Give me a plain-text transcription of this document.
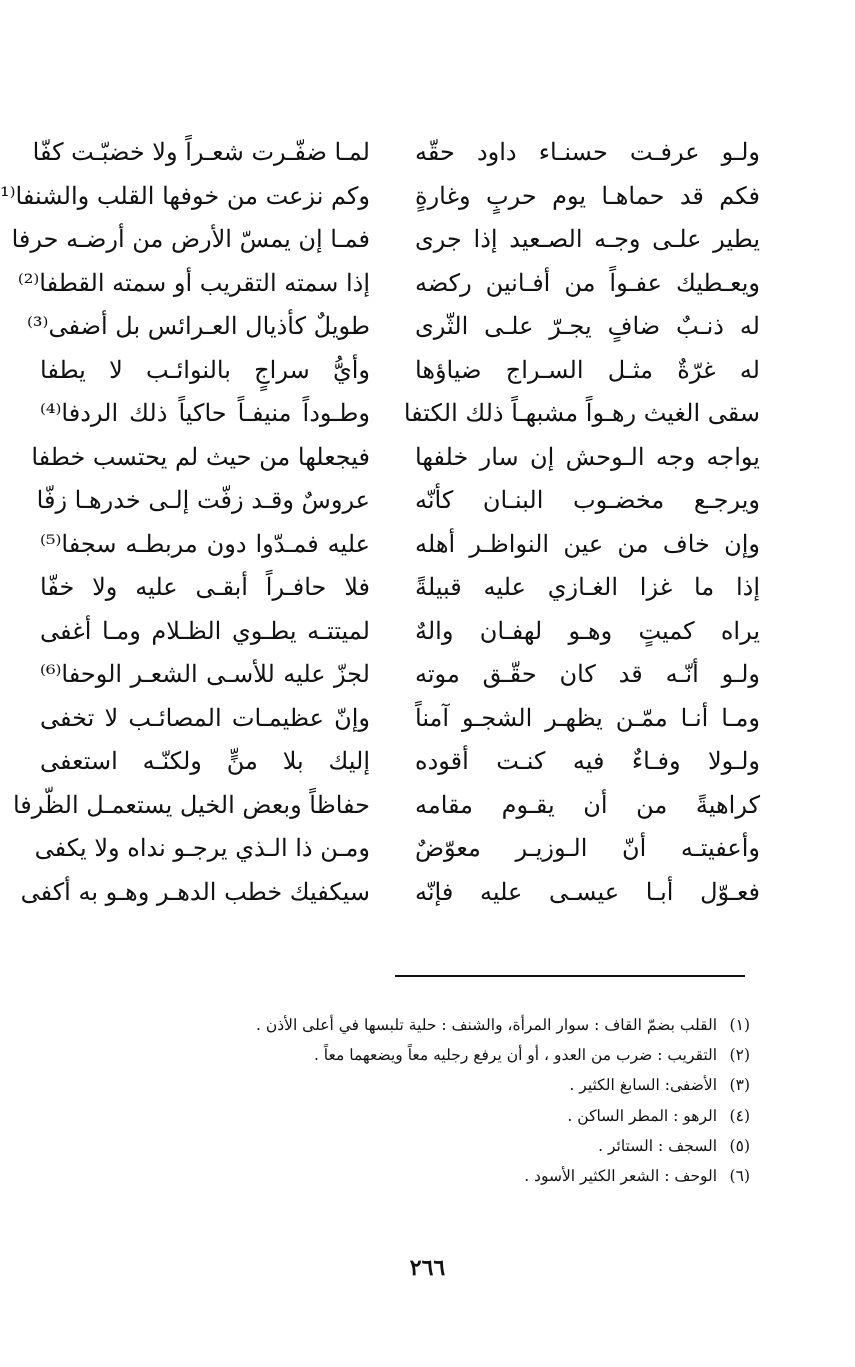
ولـو عرفـت حسنـاء داود حقّه
لمـا ضفّـرت شعـراً ولا خضبّـت كفّا
فكم قد حماهـا يوم حربٍ وغارةٍ
وكم نزعت من خوفها القلب والشنفا⁽¹
يطير علـى وجـه الصـعيد إذا جرى
فمـا إن يمسّ الأرض من أرضـه حرفا
ويعـطيك عفـواً من أفـانين ركضه
إذا سمته التقريب أو سمته القطفا⁽²⁾
له ذنـبٌ ضافٍ يجـرّ علـى الثّرى
طويلٌ كأذيال العـرائس بل أضفى⁽³⁾
له غرّةٌ مثـل السـراج ضياؤها
وأيُّ سراجٍ بالنوائـب لا يطفا
سقى الغيث رهـواً مشبهـاً ذلك الكتفا
وطـوداً منيفـاً حاكياً ذلك الردفا⁽⁴⁾
يواجه وجه الـوحش إن سار خلفها
فيجعلها من حيث لم يحتسب خطفا
ويرجـع مخضـوب البنـان كأنّه
عروسٌ وقـد زفّت إلـى خدرهـا زفّا
وإن خاف من عين النواظـر أهله
عليه فمـدّوا دون مربطـه سجفا⁽⁵⁾
إذا ما غزا الغـازي عليه قبيلةً
فلا حافـراً أبقـى عليه ولا خفّا
يراه كميتٍ وهـو لهفـان والهٌ
لميتتـه يطـوي الظـلام ومـا أغفى
ولـو أنّـه قد كان حقّـق موته
لجزّ عليه للأسـى الشعـر الوحفا⁽⁶⁾
ومـا أنـا ممّـن يظهـر الشجـو آمناً
وإنّ عظيمـات المصائـب لا تخفى
ولـولا وفـاءٌ فيه كنـت أقوده
إليك بلا منٍّ ولكنّـه استعفى
كراهيةً من أن يقـوم مقامه
حفاظاً وبعض الخيل يستعمـل الظّرفا
وأعفيتـه أنّ الـوزيـر معوّضٌ
ومـن ذا الـذي يرجـو نداه ولا يكفى
فعـوّل أبـا عيسـى عليه فإنّه
سيكفيك خطب الدهـر وهـو به أكفى
(١) القلب بضمّ القاف : سوار المرأة، والشنف : حلية تلبسها في أعلى الأذن .
(٢) التقريب : ضرب من العدو ، أو أن يرفع رجليه معاً ويضعهما معاً .
(٣) الأضفى: السابغ الكثير .
(٤) الرهو : المطر الساكن .
(٥) السجف : الستائر .
(٦) الوحف : الشعر الكثير الأسود .
٢٦٦
